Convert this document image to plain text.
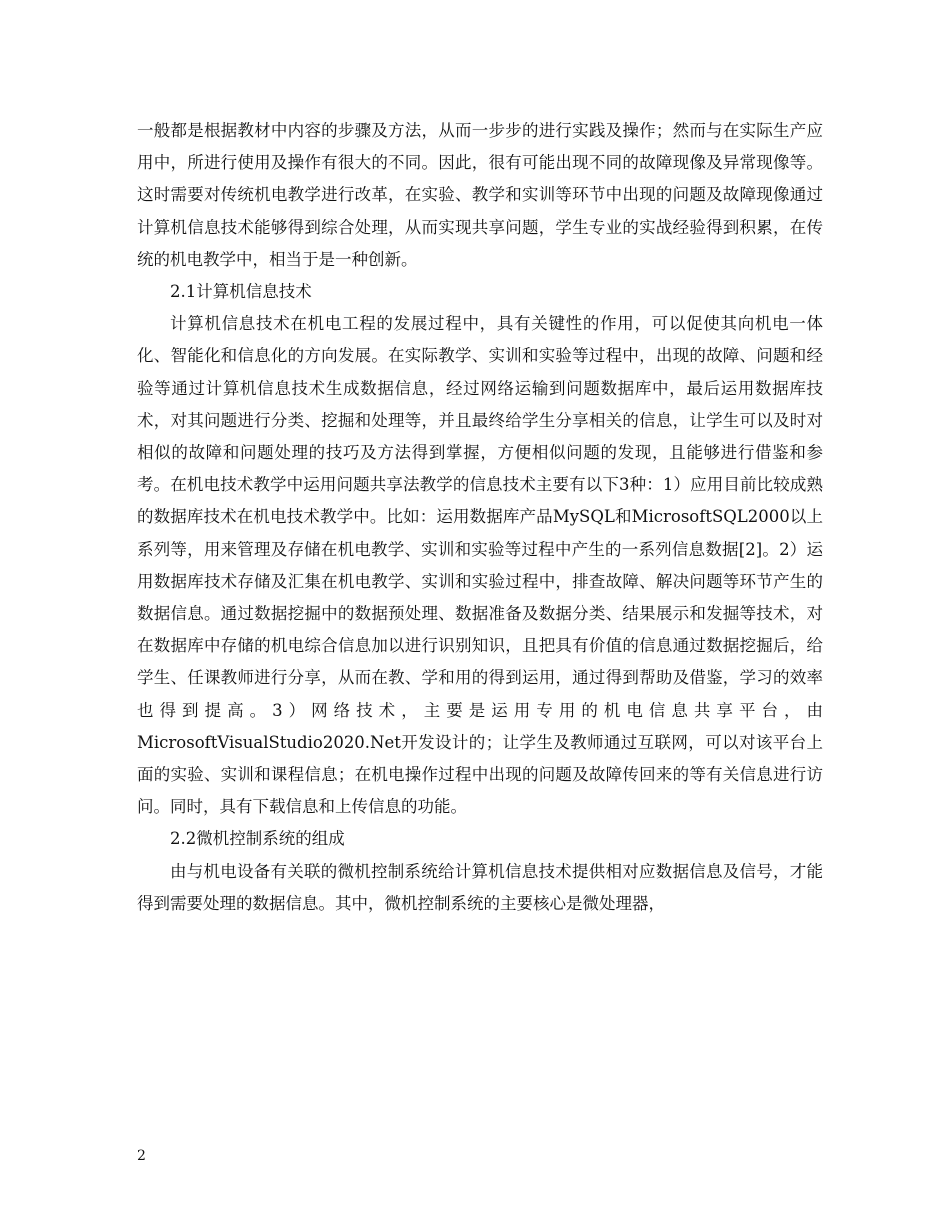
一般都是根据教材中内容的步骤及方法，从而一步步的进行实践及操作；然而与在实际生产应用中，所进行使用及操作有很大的不同。因此，很有可能出现不同的故障现像及异常现像等。这时需要对传统机电教学进行改革，在实验、教学和实训等环节中出现的问题及故障现像通过计算机信息技术能够得到综合处理，从而实现共享问题，学生专业的实战经验得到积累，在传统的机电教学中，相当于是一种创新。

2.1计算机信息技术

计算机信息技术在机电工程的发展过程中，具有关键性的作用，可以促使其向机电一体化、智能化和信息化的方向发展。在实际教学、实训和实验等过程中，出现的故障、问题和经验等通过计算机信息技术生成数据信息，经过网络运输到问题数据库中，最后运用数据库技术，对其问题进行分类、挖掘和处理等，并且最终给学生分享相关的信息，让学生可以及时对相似的故障和问题处理的技巧及方法得到掌握，方便相似问题的发现，且能够进行借鉴和参考。在机电技术教学中运用问题共享法教学的信息技术主要有以下3种：1）应用目前比较成熟的数据库技术在机电技术教学中。比如：运用数据库产品MySQL和MicrosoftSQL2000以上系列等，用来管理及存储在机电教学、实训和实验等过程中产生的一系列信息数据[2]。2）运用数据库技术存储及汇集在机电教学、实训和实验过程中，排查故障、解决问题等环节产生的数据信息。通过数据挖掘中的数据预处理、数据准备及数据分类、结果展示和发掘等技术，对在数据库中存储的机电综合信息加以进行识别知识，且把具有价值的信息通过数据挖掘后，给学生、任课教师进行分享，从而在教、学和用的得到运用，通过得到帮助及借鉴，学习的效率也得到提高。3）网络技术，主要是运用专用的机电信息共享平台，由MicrosoftVisualStudio2020.Net开发设计的；让学生及教师通过互联网，可以对该平台上面的实验、实训和课程信息；在机电操作过程中出现的问题及故障传回来的等有关信息进行访问。同时，具有下载信息和上传信息的功能。

2.2微机控制系统的组成

由与机电设备有关联的微机控制系统给计算机信息技术提供相对应数据信息及信号，才能得到需要处理的数据信息。其中，微机控制系统的主要核心是微处理器，

2
